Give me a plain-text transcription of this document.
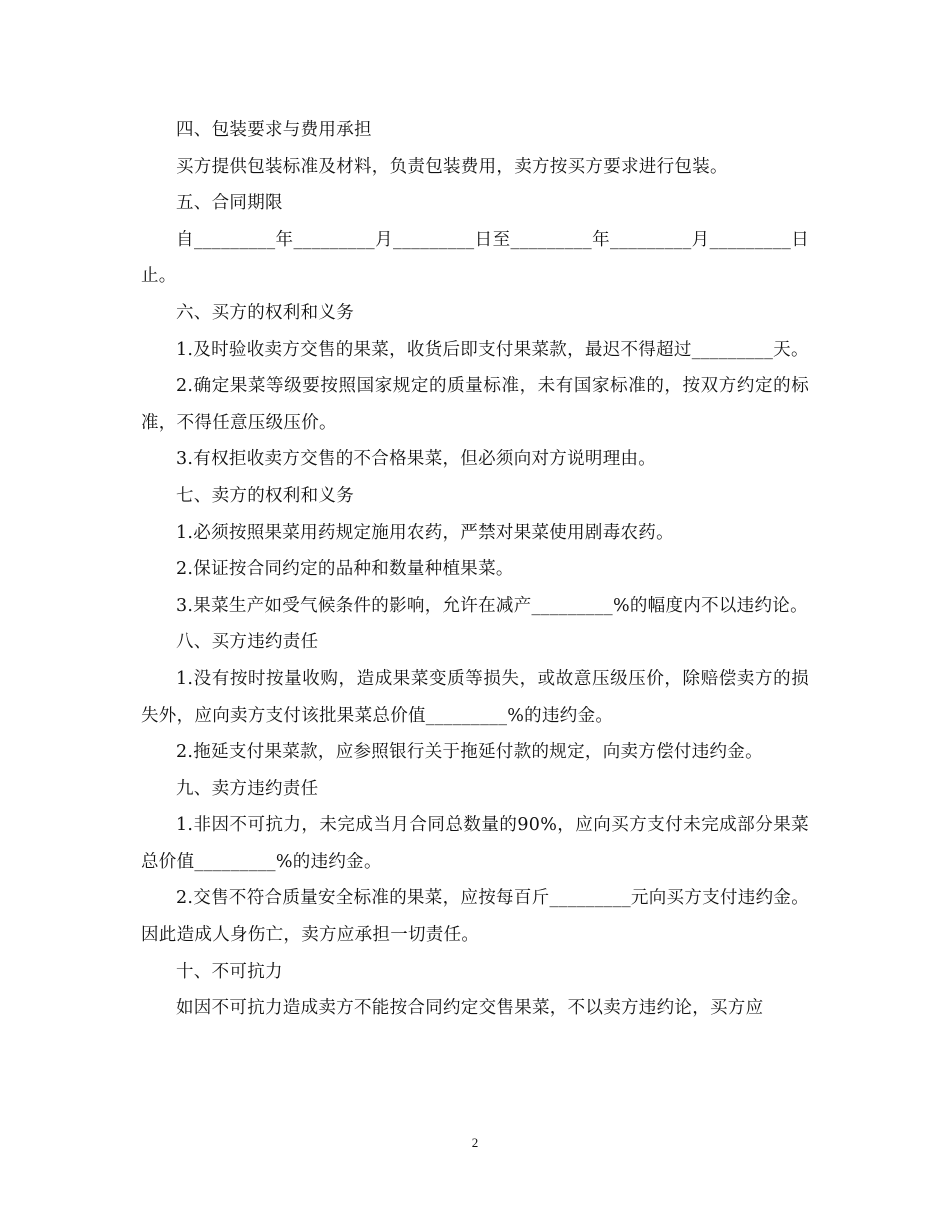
四、包装要求与费用承担

买方提供包装标准及材料，负责包装费用，卖方按买方要求进行包装。

五、合同期限

自_________年_________月_________日至_________年_________月_________日止。

六、买方的权利和义务

1.及时验收卖方交售的果菜，收货后即支付果菜款，最迟不得超过_________天。

2.确定果菜等级要按照国家规定的质量标准，未有国家标准的，按双方约定的标准，不得任意压级压价。

3.有权拒收卖方交售的不合格果菜，但必须向对方说明理由。

七、卖方的权利和义务

1.必须按照果菜用药规定施用农药，严禁对果菜使用剧毒农药。

2.保证按合同约定的品种和数量种植果菜。

3.果菜生产如受气候条件的影响，允许在减产_________%的幅度内不以违约论。

八、买方违约责任

1.没有按时按量收购，造成果菜变质等损失，或故意压级压价，除赔偿卖方的损失外，应向卖方支付该批果菜总价值_________%的违约金。

2.拖延支付果菜款，应参照银行关于拖延付款的规定，向卖方偿付违约金。

九、卖方违约责任

1.非因不可抗力，未完成当月合同总数量的90%，应向买方支付未完成部分果菜总价值_________%的违约金。

2.交售不符合质量安全标准的果菜，应按每百斤_________元向买方支付违约金。因此造成人身伤亡，卖方应承担一切责任。

十、不可抗力

如因不可抗力造成卖方不能按合同约定交售果菜，不以卖方违约论，买方应

2
